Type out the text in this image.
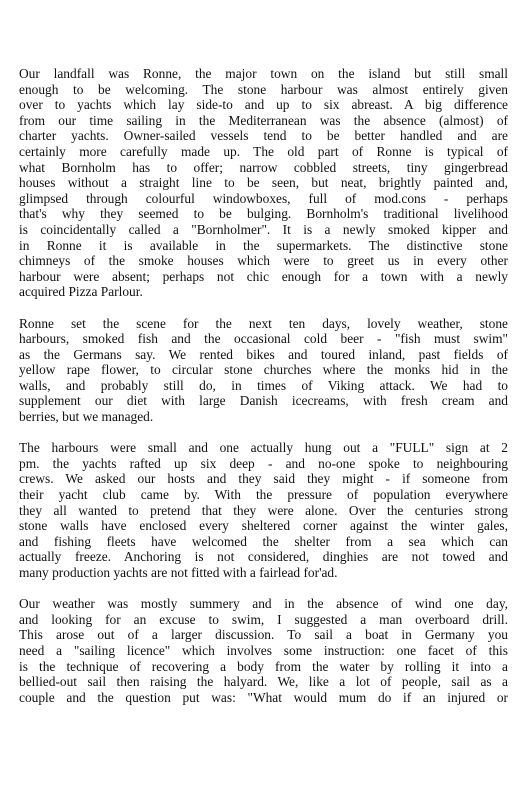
Our landfall was Ronne, the major town on the island but still small
enough to be welcoming. The stone harbour was almost entirely given
over to yachts which lay side-to and up to six abreast. A big difference
from our time sailing in the Mediterranean was the absence (almost) of
charter yachts. Owner-sailed vessels tend to be better handled and are
certainly more carefully made up. The old part of Ronne is typical of
what Bornholm has to offer; narrow cobbled streets, tiny gingerbread
houses without a straight line to be seen, but neat, brightly painted and,
glimpsed through colourful windowboxes, full of mod.cons - perhaps
that's why they seemed to be bulging. Bornholm's traditional livelihood
is coincidentally called a "Bornholmer". It is a newly smoked kipper and
in Ronne it is available in the supermarkets. The distinctive stone
chimneys of the smoke houses which were to greet us in every other
harbour were absent; perhaps not chic enough for a town with a newly
acquired Pizza Parlour.
Ronne set the scene for the next ten days, lovely weather, stone
harbours, smoked fish and the occasional cold beer - "fish must swim"
as the Germans say. We rented bikes and toured inland, past fields of
yellow rape flower, to circular stone churches where the monks hid in the
walls, and probably still do, in times of Viking attack. We had to
supplement our diet with large Danish icecreams, with fresh cream and
berries, but we managed.
The harbours were small and one actually hung out a "FULL" sign at 2
pm. the yachts rafted up six deep - and no-one spoke to neighbouring
crews. We asked our hosts and they said they might - if someone from
their yacht club came by. With the pressure of population everywhere
they all wanted to pretend that they were alone. Over the centuries strong
stone walls have enclosed every sheltered corner against the winter gales,
and fishing fleets have welcomed the shelter from a sea which can
actually freeze. Anchoring is not considered, dinghies are not towed and
many production yachts are not fitted with a fairlead for'ad.
Our weather was mostly summery and in the absence of wind one day,
and looking for an excuse to swim, I suggested a man overboard drill.
This arose out of a larger discussion. To sail a boat in Germany you
need a "sailing licence" which involves some instruction: one facet of this
is the technique of recovering a body from the water by rolling it into a
bellied-out sail then raising the halyard. We, like a lot of people, sail as a
couple and the question put was: "What would mum do if an injured or
